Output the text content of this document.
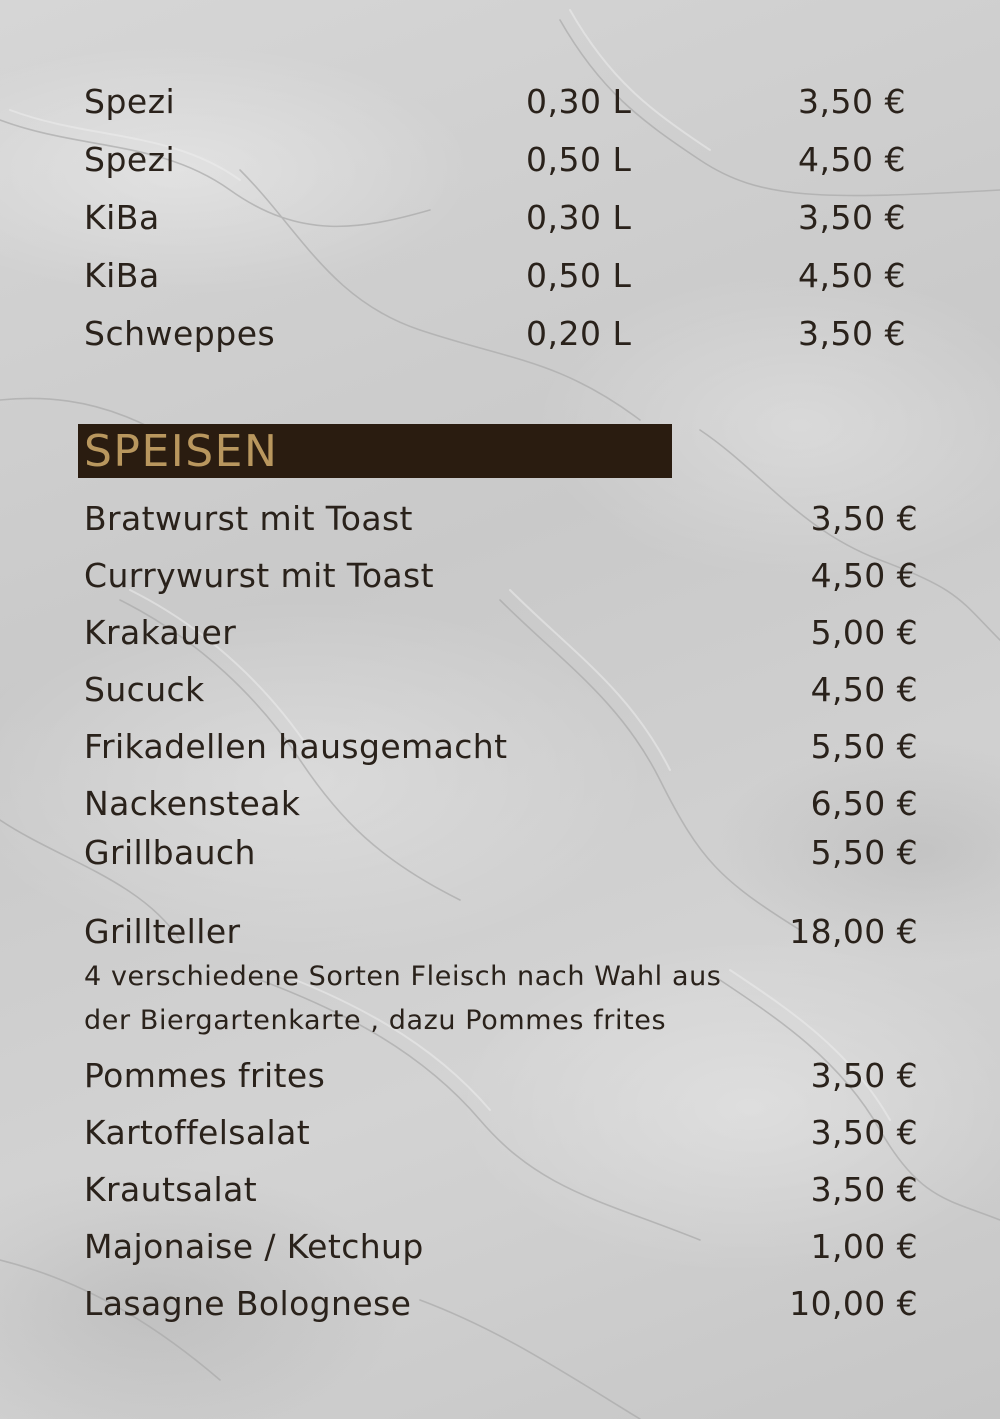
Spezi	0,30 L	3,50 €
Spezi	0,50 L	4,50 €
KiBa	0,30 L	3,50 €
KiBa	0,50 L	4,50 €
Schweppes	0,20 L	3,50 €
SPEISEN
Bratwurst mit Toast	3,50 €
Currywurst mit Toast	4,50 €
Krakauer	5,00 €
Sucuck	4,50 €
Frikadellen hausgemacht	5,50 €
Nackensteak	6,50 €
Grillbauch	5,50 €
Grillteller	18,00 €
4 verschiedene Sorten Fleisch nach Wahl aus
der Biergartenkarte , dazu Pommes frites
Pommes frites	3,50 €
Kartoffelsalat	3,50 €
Krautsalat	3,50 €
Majonaise / Ketchup	1,00 €
Lasagne Bolognese	10,00 €
